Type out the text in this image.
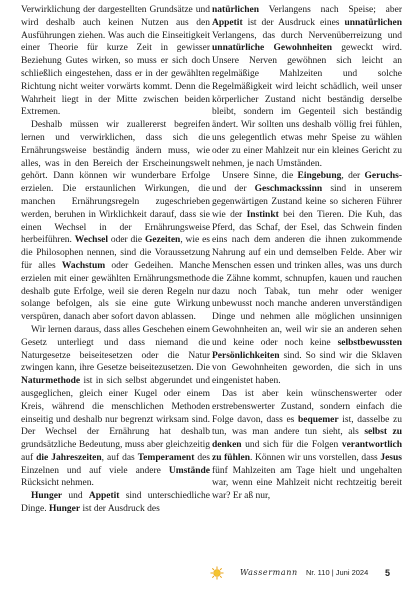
Verwirklichung der dargestellten Grundsätze und wird deshalb auch keinen Nutzen aus den Ausführungen ziehen. Was auch die Einseitigkeit einer Theorie für kurze Zeit in gewisser Beziehung Gutes wirken, so muss er sich doch schließlich eingestehen, dass er in der gewählten Richtung nicht weiter vorwärts kommt. Denn die Wahrheit liegt in der Mitte zwischen beiden Extremen.

Deshalb müssen wir zuallererst begreifen lernen und verwirklichen, dass sich die Ernährungsweise beständig ändern muss, wie alles, was in den Bereich der Erscheinungswelt gehört. Dann können wir wunderbare Erfolge erzielen. Die erstaunlichen Wirkungen, die manchen Ernährungsregeln zugeschrieben werden, beruhen in Wirklichkeit darauf, dass sie einen Wechsel in der Ernährungsweise herbeiführen. Wechsel oder die Gezeiten, wie es die Philosophen nennen, sind die Voraussetzung für alles Wachstum oder Gedeihen. Manche erzielen mit einer gewählten Ernährungsmethode deshalb gute Erfolge, weil sie deren Regeln nur solange befolgen, als sie eine gute Wirkung verspüren, danach aber sofort davon ablassen.

Wir lernen daraus, dass alles Geschehen einem Gesetz unterliegt und dass niemand die Naturgesetze beiseitesetzen oder die Natur zwingen kann, ihre Gesetze beiseitezusetzen. Die Naturmethode ist in sich selbst abgerundet und ausgeglichen, gleich einer Kugel oder einem Kreis, während die menschlichen Methoden einseitig und deshalb nur begrenzt wirksam sind. Der Wechsel der Ernährung hat deshalb grundsätzliche Bedeutung, muss aber gleichzeitig auf die Jahreszeiten, auf das Temperament des Einzelnen und auf viele andere Umstände Rücksicht nehmen.

Hunger und Appetit sind unterschiedliche Dinge. Hunger ist der Ausdruck des

natürlichen Verlangens nach Speise; aber Appetit ist der Ausdruck eines unnatürlichen Verlangens, das durch Nervenüberreizung und unnatürliche Gewohnheiten geweckt wird. Unsere Nerven gewöhnen sich leicht an regelmäßige Mahlzeiten und solche Regelmäßigkeit wird leicht schädlich, weil unser körperlicher Zustand nicht beständig derselbe bleibt, sondern im Gegenteil sich beständig ändert. Wir sollten uns deshalb völlig frei fühlen, uns gelegentlich etwas mehr Speise zu wählen oder zu einer Mahlzeit nur ein kleines Gericht zu nehmen, je nach Umständen.

Unsere Sinne, die Eingebung, der Geruchs- und der Geschmackssinn sind in unserem gegenwärtigen Zustand keine so sicheren Führer wie der Instinkt bei den Tieren. Die Kuh, das Pferd, das Schaf, der Esel, das Schwein finden eins nach dem anderen die ihnen zukommende Nahrung auf ein und demselben Felde. Aber wir Menschen essen und trinken alles, was uns durch die Zähne kommt, schnupfen, kauen und rauchen dazu noch Tabak, tun mehr oder weniger unbewusst noch manche anderen unverständigen Dinge und nehmen alle möglichen unsinnigen Gewohnheiten an, weil wir sie an anderen sehen und keine oder noch keine selbstbewussten Persönlichkeiten sind. So sind wir die Sklaven von Gewohnheiten geworden, die sich in uns eingenistet haben.

Das ist aber kein wünschenswerter oder erstrebenswerter Zustand, sondern einfach die Folge davon, dass es bequemer ist, dasselbe zu tun, was man andere tun sieht, als selbst zu denken und sich für die Folgen verantwortlich zu fühlen. Können wir uns vorstellen, dass Jesus fünf Mahlzeiten am Tage hielt und ungehalten war, wenn eine Mahlzeit nicht rechtzeitig bereit war? Er aß nur,

Wassermann Nr. 110 | Juni 2024 5
